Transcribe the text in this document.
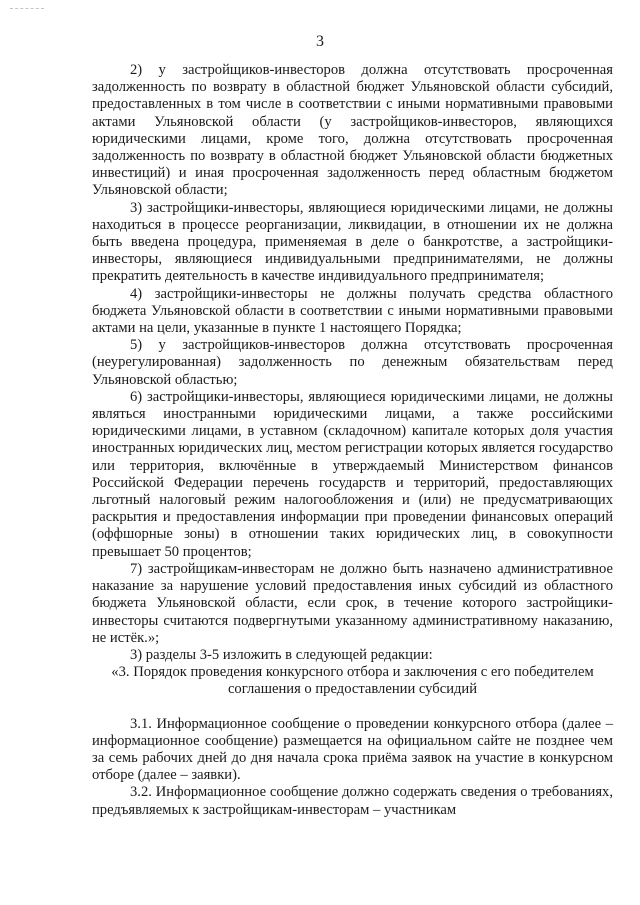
3

2) у застройщиков-инвесторов должна отсутствовать просроченная задолженность по возврату в областной бюджет Ульяновской области субсидий, предоставленных в том числе в соответствии с иными нормативными правовыми актами Ульяновской области (у застройщиков-инвесторов, являющихся юридическими лицами, кроме того, должна отсутствовать просроченная задолженность по возврату в областной бюджет Ульяновской области бюджетных инвестиций) и иная просроченная задолженность перед областным бюджетом Ульяновской области;

3) застройщики-инвесторы, являющиеся юридическими лицами, не должны находиться в процессе реорганизации, ликвидации, в отношении их не должна быть введена процедура, применяемая в деле о банкротстве, а застройщики-инвесторы, являющиеся индивидуальными предпринимателями, не должны прекратить деятельность в качестве индивидуального предпринимателя;

4) застройщики-инвесторы не должны получать средства областного бюджета Ульяновской области в соответствии с иными нормативными правовыми актами на цели, указанные в пункте 1 настоящего Порядка;

5) у застройщиков-инвесторов должна отсутствовать просроченная (неурегулированная) задолженность по денежным обязательствам перед Ульяновской областью;

6) застройщики-инвесторы, являющиеся юридическими лицами, не должны являться иностранными юридическими лицами, а также российскими юридическими лицами, в уставном (складочном) капитале которых доля участия иностранных юридических лиц, местом регистрации которых является государство или территория, включённые в утверждаемый Министерством финансов Российской Федерации перечень государств и территорий, предоставляющих льготный налоговый режим налогообложения и (или) не предусматривающих раскрытия и предоставления информации при проведении финансовых операций (оффшорные зоны) в отношении таких юридических лиц, в совокупности превышает 50 процентов;

7) застройщикам-инвесторам не должно быть назначено административное наказание за нарушение условий предоставления иных субсидий из областного бюджета Ульяновской области, если срок, в течение которого застройщики-инвесторы считаются подвергнутыми указанному административному наказанию, не истёк.»;

3) разделы 3-5 изложить в следующей редакции:

«3. Порядок проведения конкурсного отбора и заключения с его победителем соглашения о предоставлении субсидий

3.1. Информационное сообщение о проведении конкурсного отбора (далее – информационное сообщение) размещается на официальном сайте не позднее чем за семь рабочих дней до дня начала срока приёма заявок на участие в конкурсном отборе (далее – заявки).

3.2. Информационное сообщение должно содержать сведения о требованиях, предъявляемых к застройщикам-инвесторам – участникам
